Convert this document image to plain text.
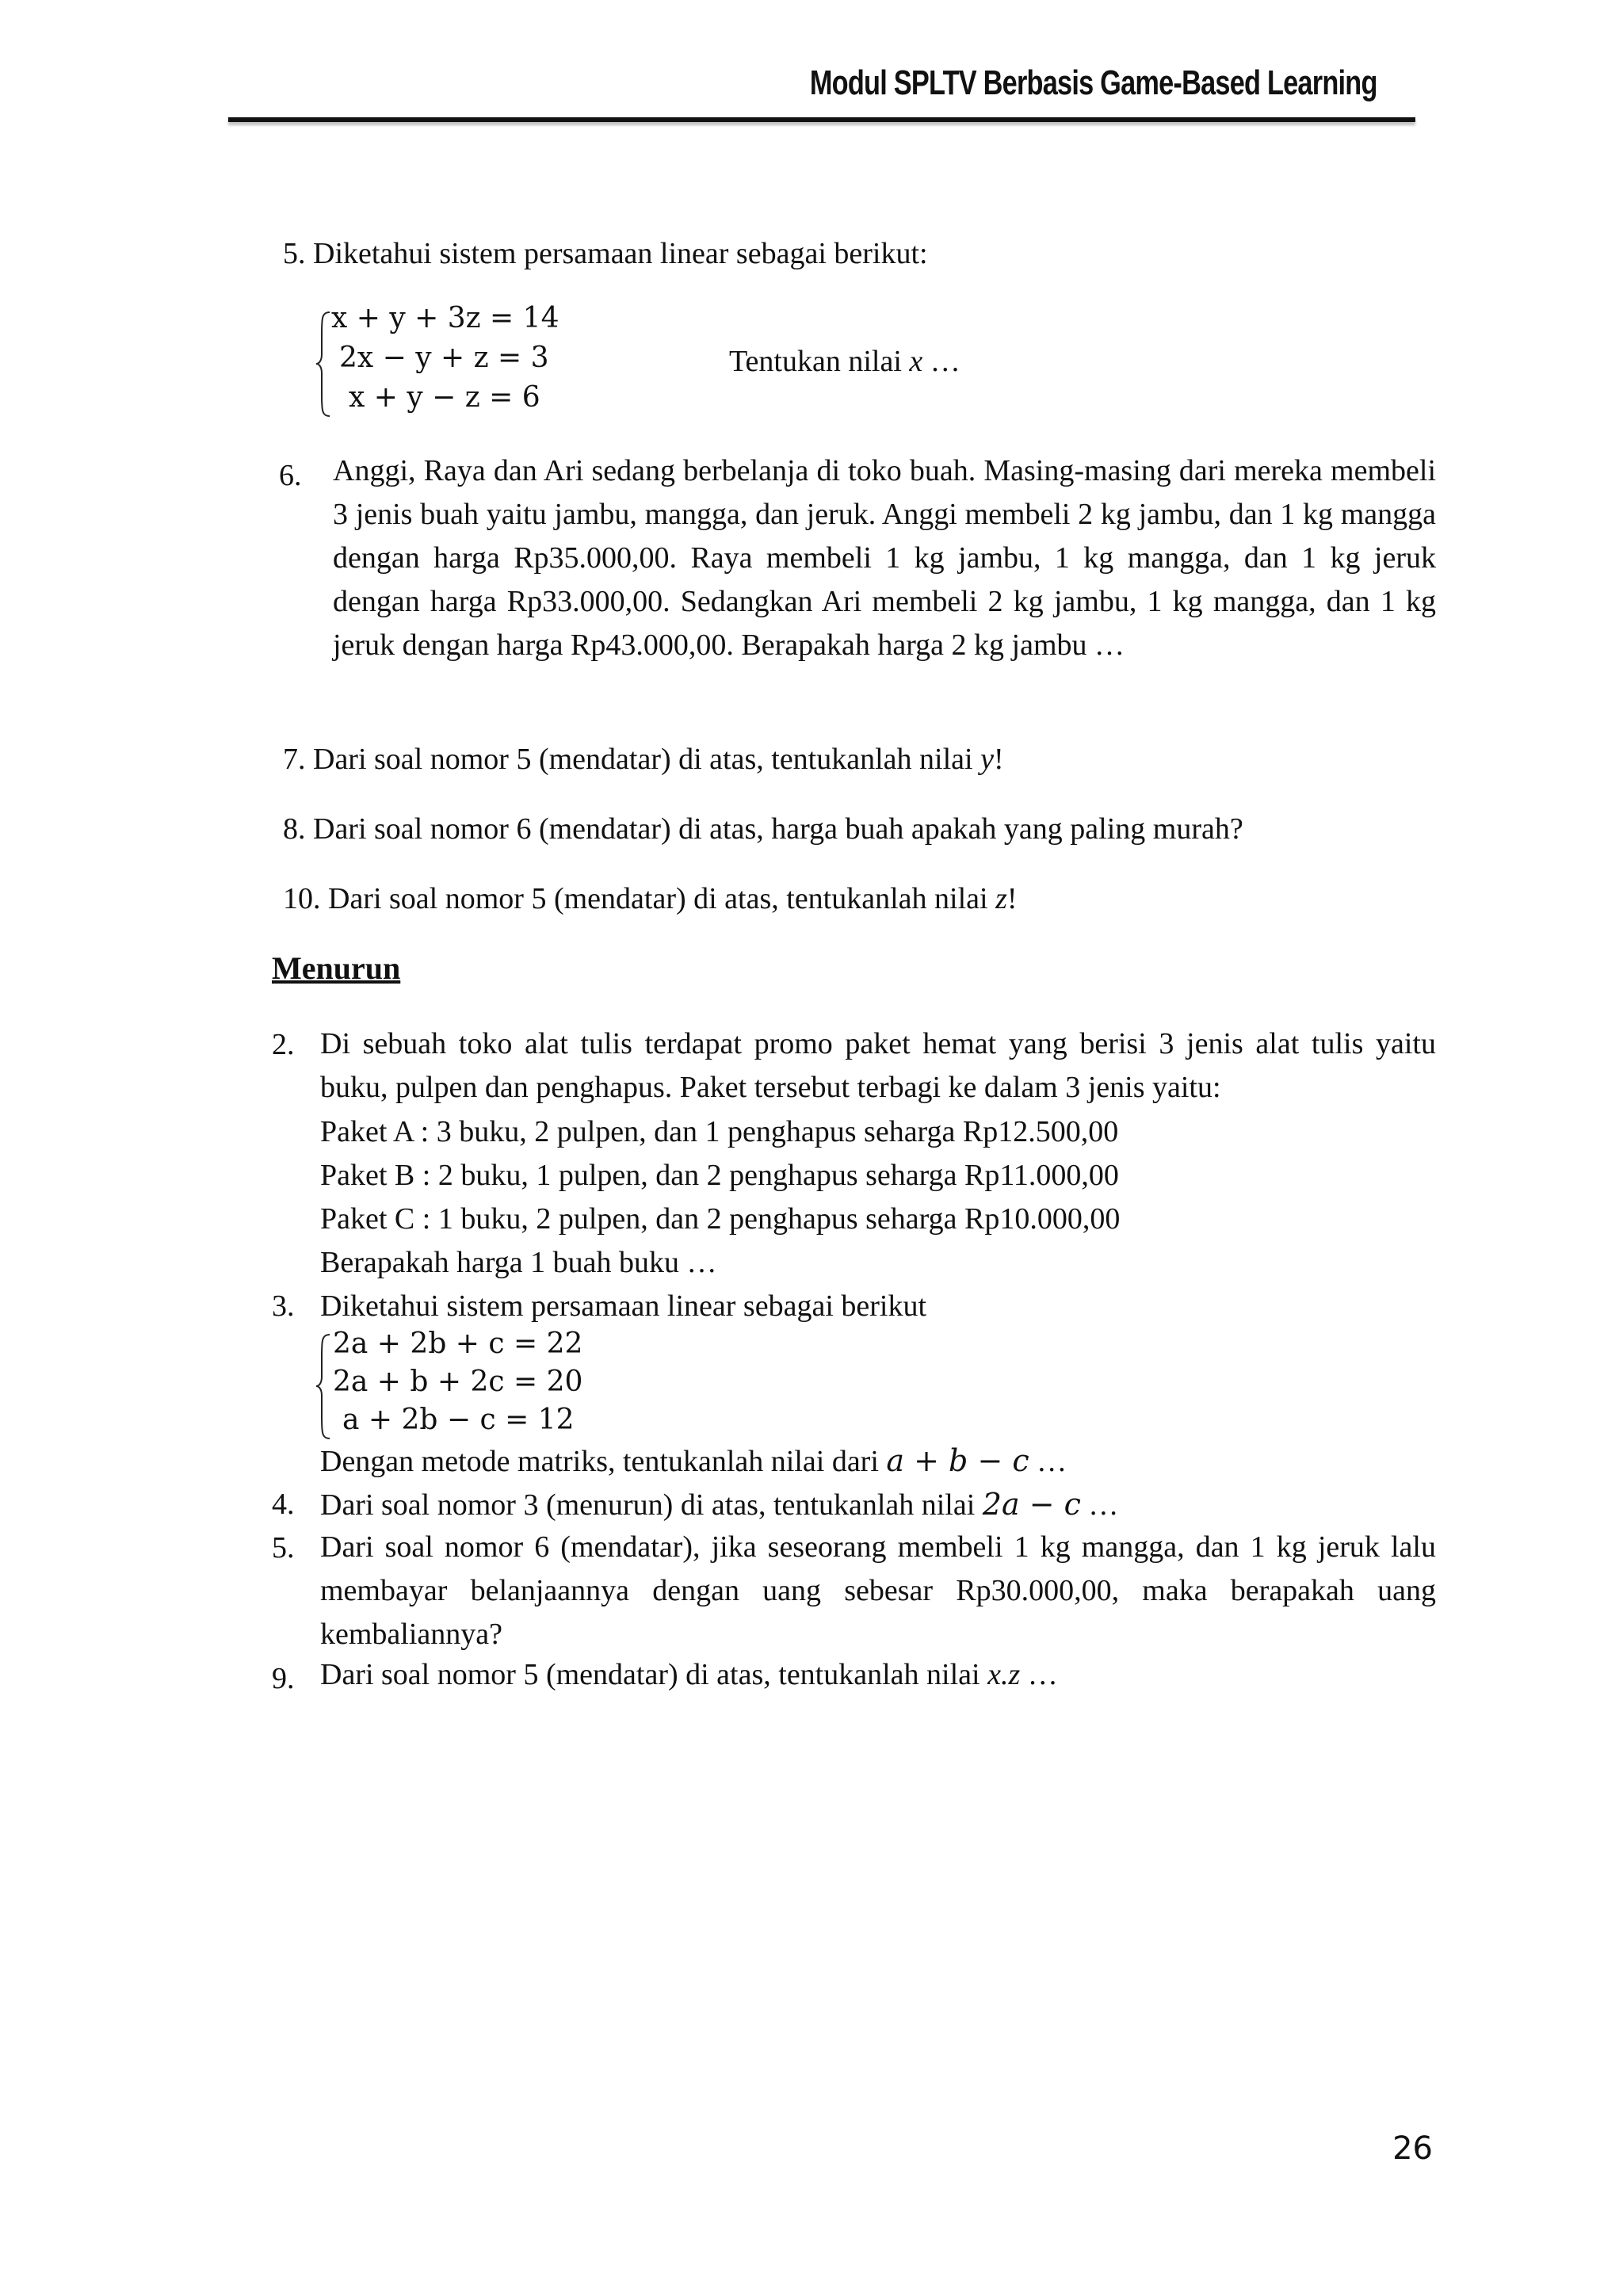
Modul SPLTV Berbasis Game-Based Learning
5. Diketahui sistem persamaan linear sebagai berikut:
x + y + 3z = 14
2x − y + z = 3
x + y − z = 6
Tentukan nilai x …
6. Anggi, Raya dan Ari sedang berbelanja di toko buah. Masing-masing dari mereka membeli 3 jenis buah yaitu jambu, mangga, dan jeruk. Anggi membeli 2 kg jambu, dan 1 kg mangga dengan harga Rp35.000,00. Raya membeli 1 kg jambu, 1 kg mangga, dan 1 kg jeruk dengan harga Rp33.000,00. Sedangkan Ari membeli 2 kg jambu, 1 kg mangga, dan 1 kg jeruk dengan harga Rp43.000,00. Berapakah harga 2 kg jambu …
7. Dari soal nomor 5 (mendatar) di atas, tentukanlah nilai y!
8. Dari soal nomor 6 (mendatar) di atas, harga buah apakah yang paling murah?
10. Dari soal nomor 5 (mendatar) di atas, tentukanlah nilai z!
Menurun
2. Di sebuah toko alat tulis terdapat promo paket hemat yang berisi 3 jenis alat tulis yaitu buku, pulpen dan penghapus. Paket tersebut terbagi ke dalam 3 jenis yaitu:
Paket A : 3 buku, 2 pulpen, dan 1 penghapus seharga Rp12.500,00
Paket B : 2 buku, 1 pulpen, dan 2 penghapus seharga Rp11.000,00
Paket C : 1 buku, 2 pulpen, dan 2 penghapus seharga Rp10.000,00
Berapakah harga 1 buah buku …
3. Diketahui sistem persamaan linear sebagai berikut
2a + 2b + c = 22
2a + b + 2c = 20
a + 2b − c = 12
Dengan metode matriks, tentukanlah nilai dari a + b − c …
4. Dari soal nomor 3 (menurun) di atas, tentukanlah nilai 2a − c …
5. Dari soal nomor 6 (mendatar), jika seseorang membeli 1 kg mangga, dan 1 kg jeruk lalu membayar belanjaannya dengan uang sebesar Rp30.000,00, maka berapakah uang kembaliannya?
9. Dari soal nomor 5 (mendatar) di atas, tentukanlah nilai x.z …
26
